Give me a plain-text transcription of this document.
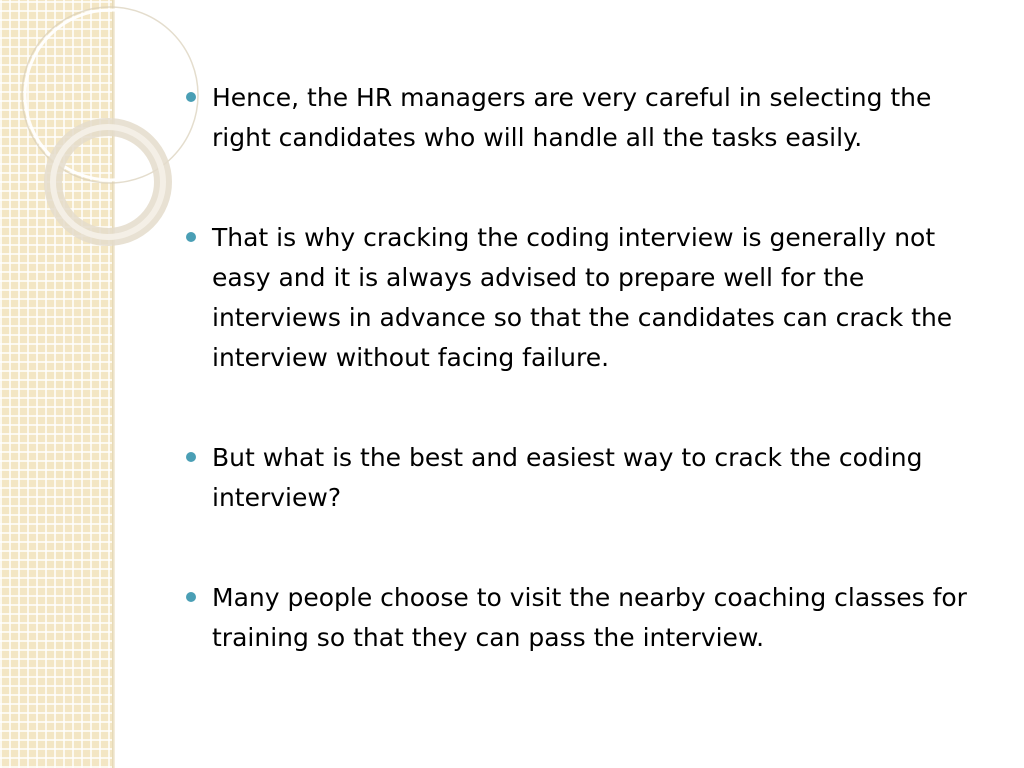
Hence, the HR managers are very careful in selecting the right candidates who will handle all the tasks easily.
That is why cracking the coding interview is generally not easy and it is always advised to prepare well for the interviews in advance so that the candidates can crack the interview without facing failure.
But what is the best and easiest way to crack the coding interview?
Many people choose to visit the nearby coaching classes for training so that they can pass the interview.
